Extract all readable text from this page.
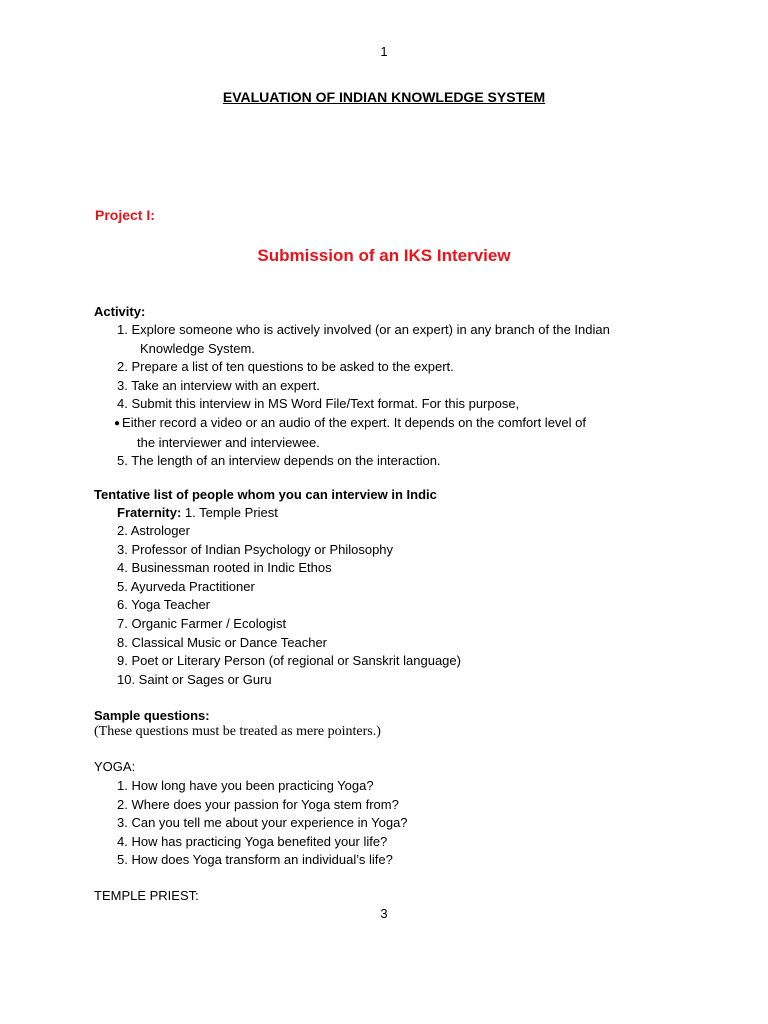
1
EVALUATION OF INDIAN KNOWLEDGE SYSTEM
Project I:
Submission of an IKS Interview
Activity:
1. Explore someone who is actively involved (or an expert) in any branch of the Indian
Knowledge System.
2. Prepare a list of ten questions to be asked to the expert.
3. Take an interview with an expert.
4. Submit this interview in MS Word File/Text format. For this purpose,
● Either record a video or an audio of the expert. It depends on the comfort level of
the interviewer and interviewee.
5. The length of an interview depends on the interaction.
Tentative list of people whom you can interview in Indic
Fraternity: 1. Temple Priest
2. Astrologer
3. Professor of Indian Psychology or Philosophy
4. Businessman rooted in Indic Ethos
5. Ayurveda Practitioner
6. Yoga Teacher
7. Organic Farmer / Ecologist
8. Classical Music or Dance Teacher
9. Poet or Literary Person (of regional or Sanskrit language)
10. Saint or Sages or Guru
Sample questions:
(These questions must be treated as mere pointers.)
YOGA:
1. How long have you been practicing Yoga?
2. Where does your passion for Yoga stem from?
3. Can you tell me about your experience in Yoga?
4. How has practicing Yoga benefited your life?
5. How does Yoga transform an individual’s life?
TEMPLE PRIEST:
3
